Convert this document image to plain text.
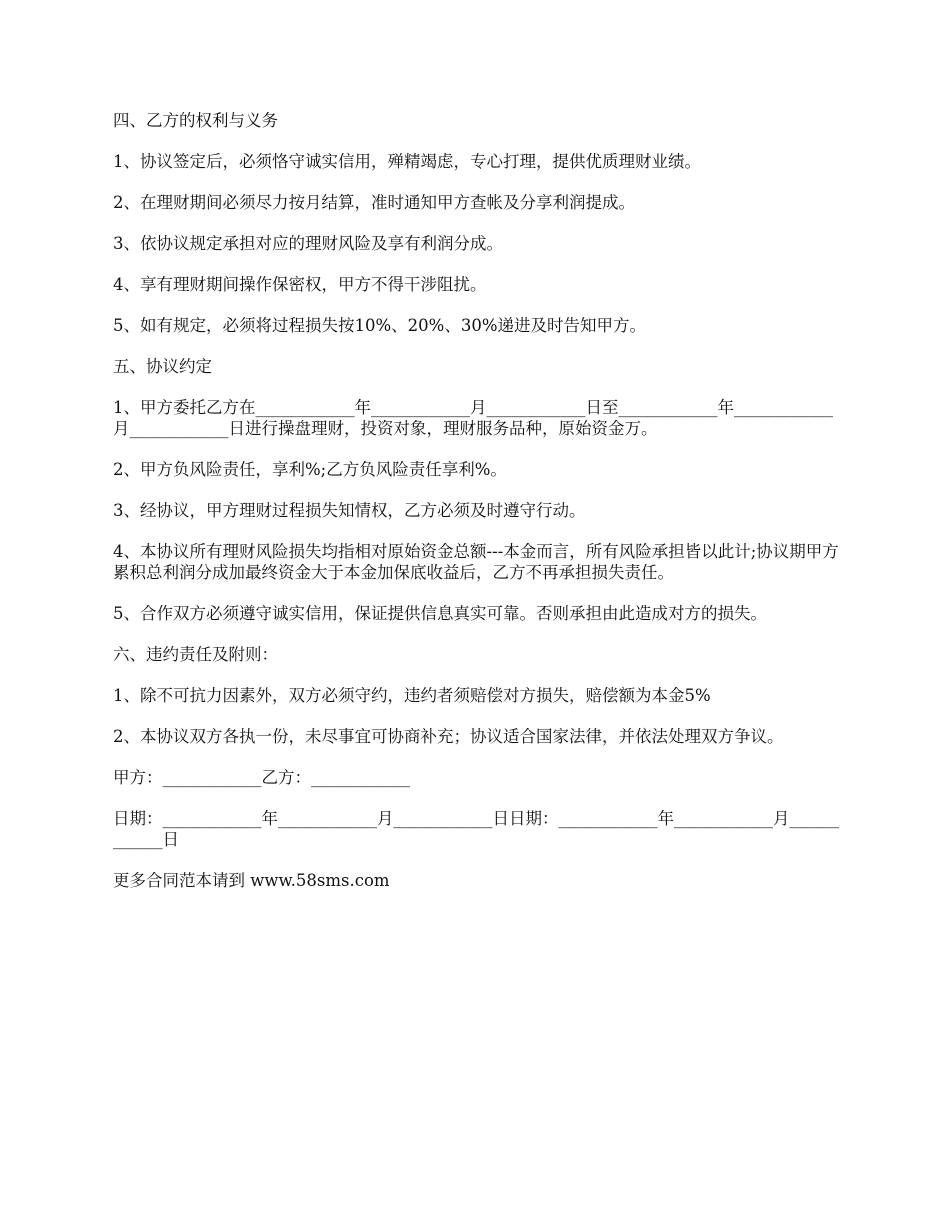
四、乙方的权利与义务

1、协议签定后，必须恪守诚实信用，殚精竭虑，专心打理，提供优质理财业绩。

2、在理财期间必须尽力按月结算，准时通知甲方查帐及分享利润提成。

3、依协议规定承担对应的理财风险及享有利润分成。

4、享有理财期间操作保密权，甲方不得干涉阻扰。

5、如有规定，必须将过程损失按10%、20%、30%递进及时告知甲方。

五、协议约定

1、甲方委托乙方在____________年____________月____________日至____________年____________月____________日进行操盘理财，投资对象，理财服务品种，原始资金万。

2、甲方负风险责任，享利%;乙方负风险责任享利%。

3、经协议，甲方理财过程损失知情权，乙方必须及时遵守行动。

4、本协议所有理财风险损失均指相对原始资金总额---本金而言，所有风险承担皆以此计;协议期甲方累积总利润分成加最终资金大于本金加保底收益后，乙方不再承担损失责任。

5、合作双方必须遵守诚实信用，保证提供信息真实可靠。否则承担由此造成对方的损失。

六、违约责任及附则：

1、除不可抗力因素外，双方必须守约，违约者须赔偿对方损失，赔偿额为本金5%

2、本协议双方各执一份，未尽事宜可协商补充；协议适合国家法律，并依法处理双方争议。

甲方：____________乙方：____________

日期：____________年____________月____________日日期：____________年____________月____________日

更多合同范本请到 www.58sms.com
